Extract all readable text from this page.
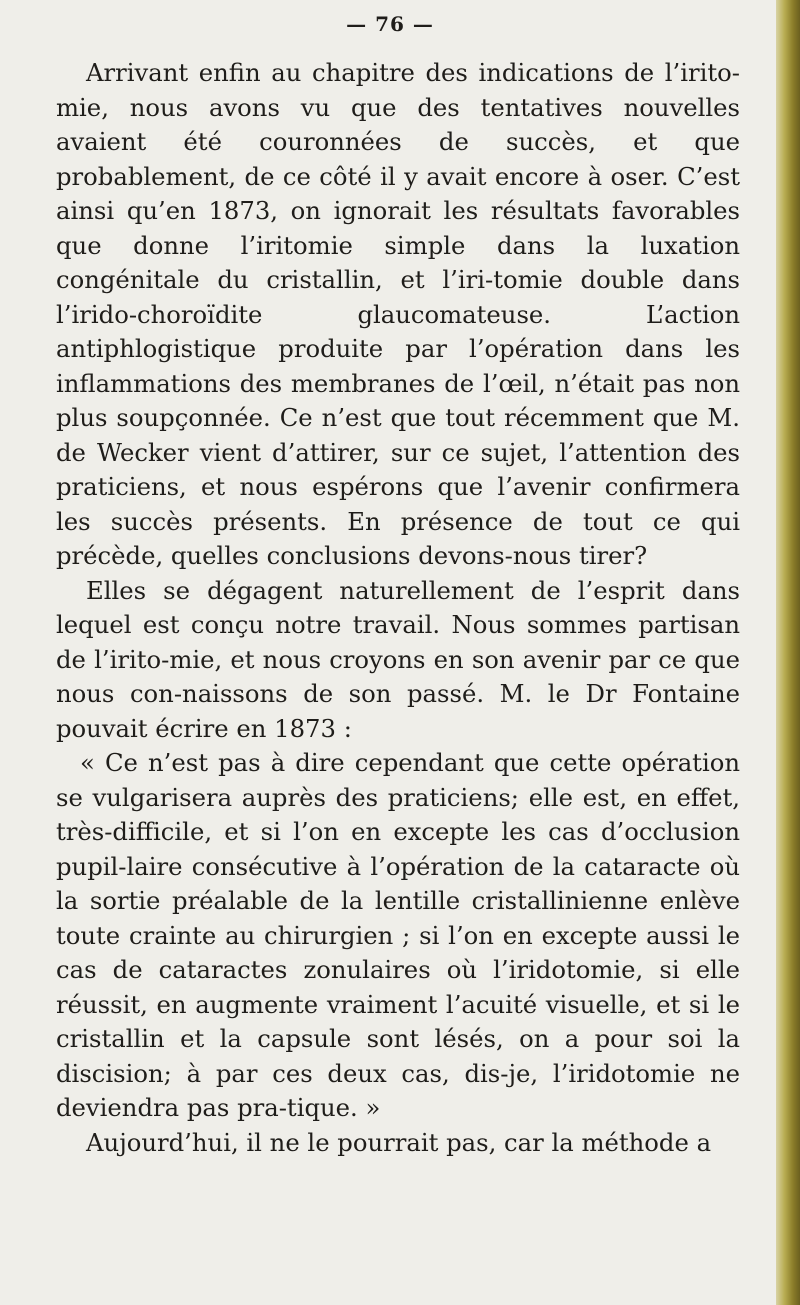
— 76 —

Arrivant enfin au chapitre des indications de l’irito-mie, nous avons vu que des tentatives nouvelles avaient été couronnées de succès, et que probablement, de ce côté il y avait encore à oser. C’est ainsi qu’en 1873, on ignorait les résultats favorables que donne l’iritomie simple dans la luxation congénitale du cristallin, et l’iri-tomie double dans l’irido-choroïdite glaucomateuse. L’action antiphlogistique produite par l’opération dans les inflammations des membranes de l’œil, n’était pas non plus soupçonnée. Ce n’est que tout récemment que M. de Wecker vient d’attirer, sur ce sujet, l’attention des praticiens, et nous espérons que l’avenir confirmera les succès présents. En présence de tout ce qui précède, quelles conclusions devons-nous tirer?

Elles se dégagent naturellement de l’esprit dans lequel est conçu notre travail. Nous sommes partisan de l’irito-mie, et nous croyons en son avenir par ce que nous con-naissons de son passé. M. le Dr Fontaine pouvait écrire en 1873 :

« Ce n’est pas à dire cependant que cette opération se vulgarisera auprès des praticiens; elle est, en effet, très-difficile, et si l’on en excepte les cas d’occlusion pupil-laire consécutive à l’opération de la cataracte où la sortie préalable de la lentille cristallinienne enlève toute crainte au chirurgien ; si l’on en excepte aussi le cas de cataractes zonulaires où l’iridotomie, si elle réussit, en augmente vraiment l’acuité visuelle, et si le cristallin et la capsule sont lésés, on a pour soi la discision; à par ces deux cas, dis-je, l’iridotomie ne deviendra pas pra-tique. »

Aujourd’hui, il ne le pourrait pas, car la méthode a
